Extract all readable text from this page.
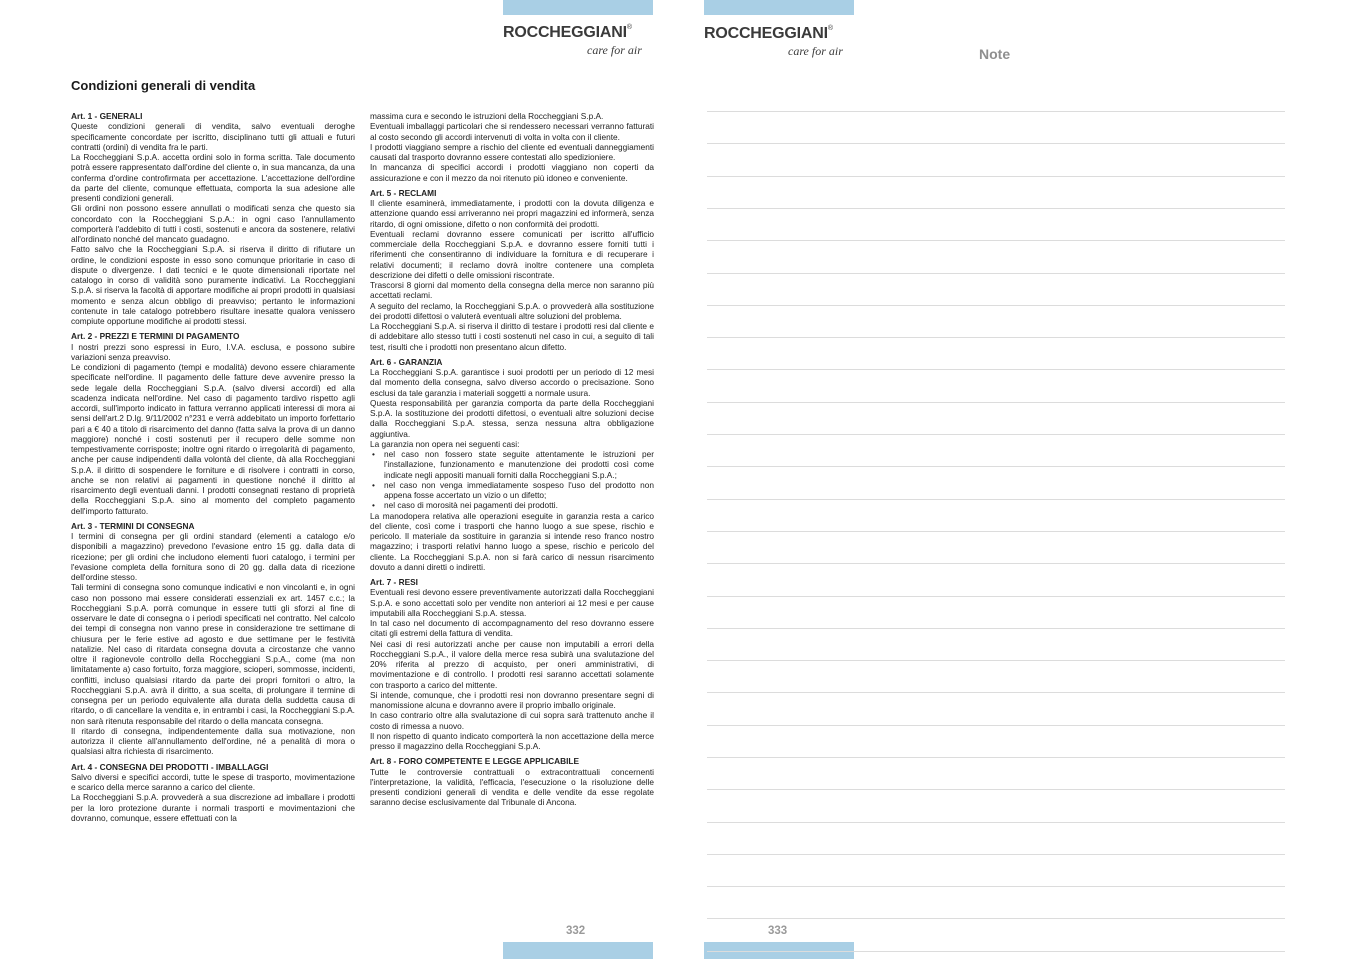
ROCCHEGGIANI®
care for air
ROCCHEGGIANI®
care for air
Condizioni generali di vendita
Art. 1 - GENERALI

Queste condizioni generali di vendita, salvo eventuali deroghe specificamente concordate per iscritto, disciplinano tutti gli attuali e futuri contratti (ordini) di vendita fra le parti.

La Roccheggiani S.p.A. accetta ordini solo in forma scritta. Tale documento potrà essere rappresentato dall'ordine del cliente o, in sua mancanza, da una conferma d'ordine controfirmata per accettazione. L'accettazione dell'ordine da parte del cliente, comunque effettuata, comporta la sua adesione alle presenti condizioni generali.

Gli ordini non possono essere annullati o modificati senza che questo sia concordato con la Roccheggiani S.p.A.: in ogni caso l'annullamento comporterà l'addebito di tutti i costi, sostenuti e ancora da sostenere, relativi all'ordinato nonché del mancato guadagno.

Fatto salvo che la Roccheggiani S.p.A. si riserva il diritto di rifiutare un ordine, le condizioni esposte in esso sono comunque prioritarie in caso di dispute o divergenze. I dati tecnici e le quote dimensionali riportate nel catalogo in corso di validità sono puramente indicativi. La Roccheggiani S.p.A. si riserva la facoltà di apportare modifiche ai propri prodotti in qualsiasi momento e senza alcun obbligo di preavviso; pertanto le informazioni contenute in tale catalogo potrebbero risultare inesatte qualora venissero compiute opportune modifiche ai prodotti stessi.

Art. 2 - PREZZI E TERMINI DI PAGAMENTO

I nostri prezzi sono espressi in Euro, I.V.A. esclusa, e possono subire variazioni senza preavviso.

Le condizioni di pagamento (tempi e modalità) devono essere chiaramente specificate nell'ordine. Il pagamento delle fatture deve avvenire presso la sede legale della Roccheggiani S.p.A. (salvo diversi accordi) ed alla scadenza indicata nell'ordine. Nel caso di pagamento tardivo rispetto agli accordi, sull'importo indicato in fattura verranno applicati interessi di mora ai sensi dell'art.2 D.lg. 9/11/2002 n°231 e verrà addebitato un importo forfettario pari a € 40 a titolo di risarcimento del danno (fatta salva la prova di un danno maggiore) nonché i costi sostenuti per il recupero delle somme non tempestivamente corrisposte; inoltre ogni ritardo o irregolarità di pagamento, anche per cause indipendenti dalla volontà del cliente, dà alla Roccheggiani S.p.A. il diritto di sospendere le forniture e di risolvere i contratti in corso, anche se non relativi ai pagamenti in questione nonché il diritto al risarcimento degli eventuali danni. I prodotti consegnati restano di proprietà della Roccheggiani S.p.A. sino al momento del completo pagamento dell'importo fatturato.

Art. 3 - TERMINI DI CONSEGNA

I termini di consegna per gli ordini standard (elementi a catalogo e/o disponibili a magazzino) prevedono l'evasione entro 15 gg. dalla data di ricezione; per gli ordini che includono elementi fuori catalogo, i termini per l'evasione completa della fornitura sono di 20 gg. dalla data di ricezione dell'ordine stesso.

Tali termini di consegna sono comunque indicativi e non vincolanti e, in ogni caso non possono mai essere considerati essenziali ex art. 1457 c.c.; la Roccheggiani S.p.A. porrà comunque in essere tutti gli sforzi al fine di osservare le date di consegna o i periodi specificati nel contratto. Nel calcolo dei tempi di consegna non vanno prese in considerazione tre settimane di chiusura per le ferie estive ad agosto e due settimane per le festività natalizie. Nel caso di ritardata consegna dovuta a circostanze che vanno oltre il ragionevole controllo della Roccheggiani S.p.A., come (ma non limitatamente a) caso fortuito, forza maggiore, scioperi, sommosse, incidenti, conflitti, incluso qualsiasi ritardo da parte dei propri fornitori o altro, la Roccheggiani S.p.A. avrà il diritto, a sua scelta, di prolungare il termine di consegna per un periodo equivalente alla durata della suddetta causa di ritardo, o di cancellare la vendita e, in entrambi i casi, la Roccheggiani S.p.A. non sarà ritenuta responsabile del ritardo o della mancata consegna.

Il ritardo di consegna, indipendentemente dalla sua motivazione, non autorizza il cliente all'annullamento dell'ordine, né a penalità di mora o qualsiasi altra richiesta di risarcimento.

Art. 4 - CONSEGNA DEI PRODOTTI - IMBALLAGGI

Salvo diversi e specifici accordi, tutte le spese di trasporto, movimentazione e scarico della merce saranno a carico del cliente.

La Roccheggiani S.p.A. provvederà a sua discrezione ad imballare i prodotti per la loro protezione durante i normali trasporti e movimentazioni che dovranno, comunque, essere effettuati con la

massima cura e secondo le istruzioni della Roccheggiani S.p.A.

Eventuali imballaggi particolari che si rendessero necessari verranno fatturati al costo secondo gli accordi intervenuti di volta in volta con il cliente.

I prodotti viaggiano sempre a rischio del cliente ed eventuali danneggiamenti causati dal trasporto dovranno essere contestati allo spedizioniere.

In mancanza di specifici accordi i prodotti viaggiano non coperti da assicurazione e con il mezzo da noi ritenuto più idoneo e conveniente.

Art. 5 - RECLAMI

Il cliente esaminerà, immediatamente, i prodotti con la dovuta diligenza e attenzione quando essi arriveranno nei propri magazzini ed informerà, senza ritardo, di ogni omissione, difetto o non conformità dei prodotti.

Eventuali reclami dovranno essere comunicati per iscritto all'ufficio commerciale della Roccheggiani S.p.A. e dovranno essere forniti tutti i riferimenti che consentiranno di individuare la fornitura e di recuperare i relativi documenti; il reclamo dovrà inoltre contenere una completa descrizione dei difetti o delle omissioni riscontrate.

Trascorsi 8 giorni dal momento della consegna della merce non saranno più accettati reclami.

A seguito del reclamo, la Roccheggiani S.p.A. o provvederà alla sostituzione dei prodotti difettosi o valuterà eventuali altre soluzioni del problema.

La Roccheggiani S.p.A. si riserva il diritto di testare i prodotti resi dal cliente e di addebitare allo stesso tutti i costi sostenuti nel caso in cui, a seguito di tali test, risulti che i prodotti non presentano alcun difetto.

Art. 6 - GARANZIA

La Roccheggiani S.p.A. garantisce i suoi prodotti per un periodo di 12 mesi dal momento della consegna, salvo diverso accordo o precisazione. Sono esclusi da tale garanzia i materiali soggetti a normale usura.

Questa responsabilità per garanzia comporta da parte della Roccheggiani S.p.A. la sostituzione dei prodotti difettosi, o eventuali altre soluzioni decise dalla Roccheggiani S.p.A. stessa, senza nessuna altra obbligazione aggiuntiva.

La garanzia non opera nei seguenti casi:

• nel caso non fossero state seguite attentamente le istruzioni per l'installazione, funzionamento e manutenzione dei prodotti così come indicate negli appositi manuali forniti dalla Roccheggiani S.p.A.;
• nel caso non venga immediatamente sospeso l'uso del prodotto non appena fosse accertato un vizio o un difetto;
• nel caso di morosità nei pagamenti dei prodotti.

La manodopera relativa alle operazioni eseguite in garanzia resta a carico del cliente, così come i trasporti che hanno luogo a sue spese, rischio e pericolo. Il materiale da sostituire in garanzia si intende reso franco nostro magazzino; i trasporti relativi hanno luogo a spese, rischio e pericolo del cliente. La Roccheggiani S.p.A. non si farà carico di nessun risarcimento dovuto a danni diretti o indiretti.

Art. 7 - RESI

Eventuali resi devono essere preventivamente autorizzati dalla Roccheggiani S.p.A. e sono accettati solo per vendite non anteriori ai 12 mesi e per cause imputabili alla Roccheggiani S.p.A. stessa.

In tal caso nel documento di accompagnamento del reso dovranno essere citati gli estremi della fattura di vendita.

Nei casi di resi autorizzati anche per cause non imputabili a errori della Roccheggiani S.p.A., il valore della merce resa subirà una svalutazione del 20% riferita al prezzo di acquisto, per oneri amministrativi, di movimentazione e di controllo. I prodotti resi saranno accettati solamente con trasporto a carico del mittente.

Si intende, comunque, che i prodotti resi non dovranno presentare segni di manomissione alcuna e dovranno avere il proprio imballo originale.

In caso contrario oltre alla svalutazione di cui sopra sarà trattenuto anche il costo di rimessa a nuovo.

Il non rispetto di quanto indicato comporterà la non accettazione della merce presso il magazzino della Roccheggiani S.p.A.

Art. 8 - FORO COMPETENTE E LEGGE APPLICABILE

Tutte le controversie contrattuali o extracontrattuali concernenti l'interpretazione, la validità, l'efficacia, l'esecuzione o la risoluzione delle presenti condizioni generali di vendita e delle vendite da esse regolate saranno decise esclusivamente dal Tribunale di Ancona.

332
Note
333
